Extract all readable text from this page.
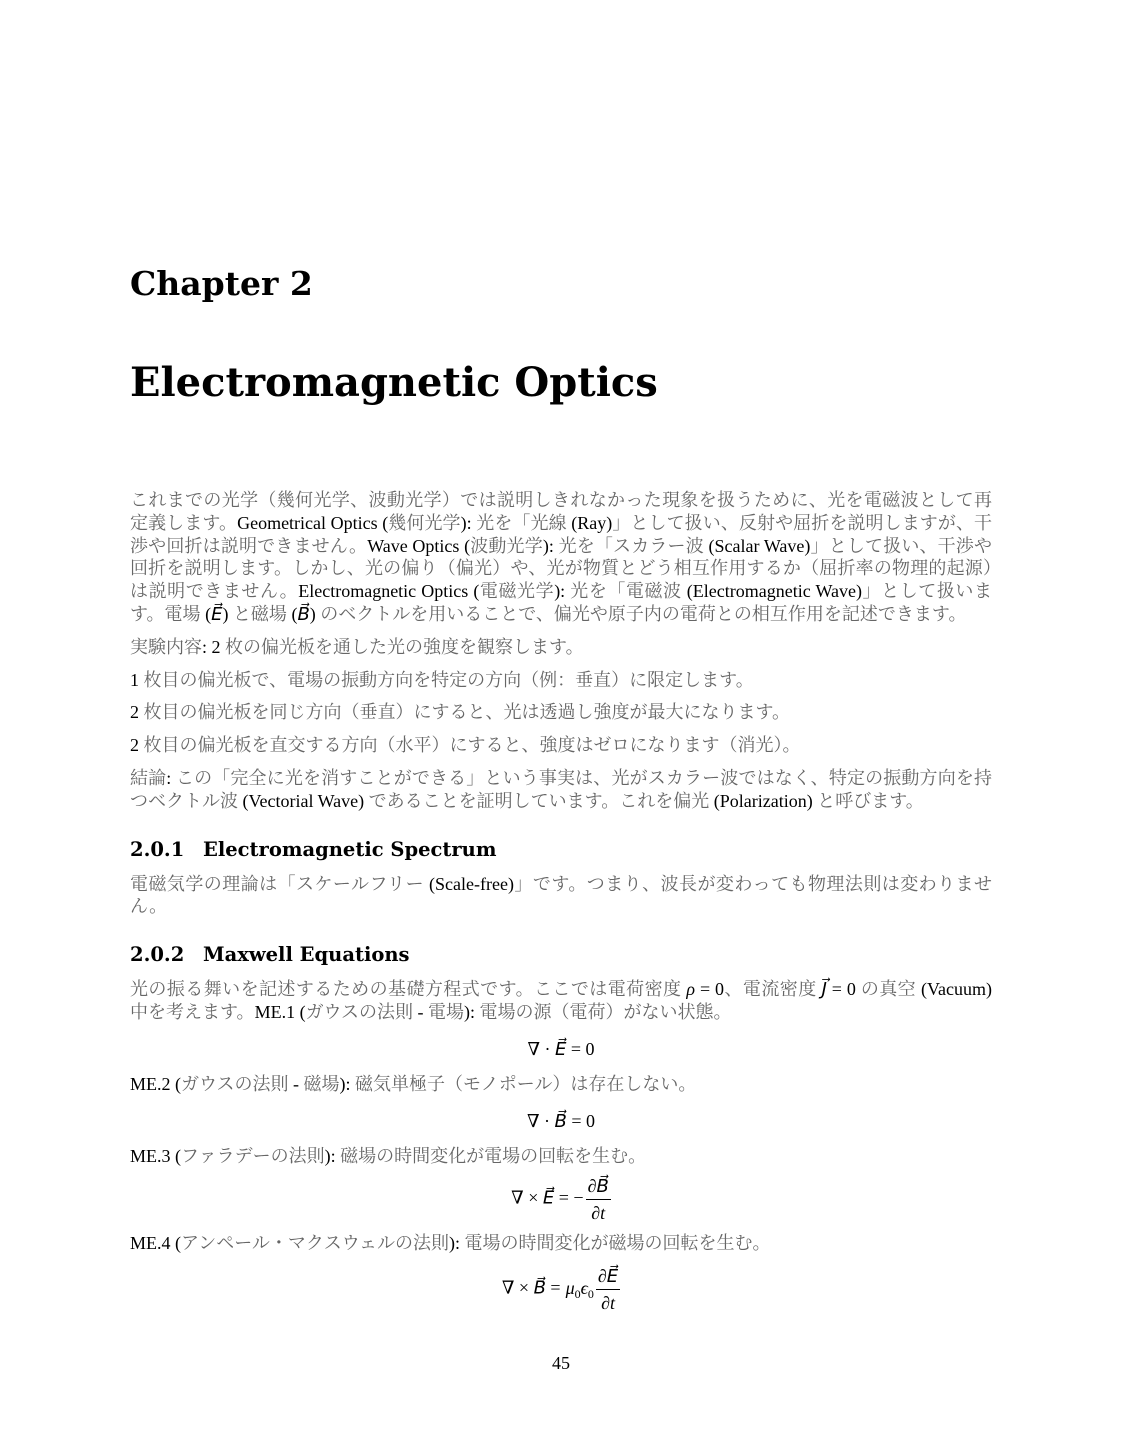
Chapter 2
Electromagnetic Optics

これまでの光学（幾何光学、波動光学）では説明しきれなかった現象を扱うために、光を電磁波として再定義します。Geometrical Optics (幾何光学): 光を「光線 (Ray)」として扱い、反射や屈折を説明しますが、干渉や回折は説明できません。Wave Optics (波動光学): 光を「スカラー波 (Scalar Wave)」として扱い、干渉や回折を説明します。しかし、光の偏り（偏光）や、光が物質とどう相互作用するか（屈折率の物理的起源）は説明できません。Electromagnetic Optics (電磁光学): 光を「電磁波 (Electromagnetic Wave)」として扱います。電場 (E⃗) と磁場 (B⃗) のベクトルを用いることで、偏光や原子内の電荷との相互作用を記述できます。

実験内容: 2 枚の偏光板を通した光の強度を観察します。

1 枚目の偏光板で、電場の振動方向を特定の方向（例：垂直）に限定します。

2 枚目の偏光板を同じ方向（垂直）にすると、光は透過し強度が最大になります。

2 枚目の偏光板を直交する方向（水平）にすると、強度はゼロになります（消光）。

結論: この「完全に光を消すことができる」という事実は、光がスカラー波ではなく、特定の振動方向を持つベクトル波 (Vectorial Wave) であることを証明しています。これを偏光 (Polarization) と呼びます。

2.0.1 Electromagnetic Spectrum

電磁気学の理論は「スケールフリー (Scale-free)」です。つまり、波長が変わっても物理法則は変わりません。

2.0.2 Maxwell Equations

光の振る舞いを記述するための基礎方程式です。ここでは電荷密度 ρ = 0、電流密度 J⃗ = 0 の真空 (Vacuum) 中を考えます。ME.1 (ガウスの法則 - 電場): 電場の源（電荷）がない状態。

∇ · E⃗ = 0

ME.2 (ガウスの法則 - 磁場): 磁気単極子（モノポール）は存在しない。

∇ · B⃗ = 0

ME.3 (ファラデーの法則): 磁場の時間変化が電場の回転を生む。

∇ × E⃗ = − $\frac{\partial B⃗}{\partial t}$

ME.4 (アンペール・マクスウェルの法則): 電場の時間変化が磁場の回転を生む。

∇ × B⃗ = $\mu_0\epsilon_0 \frac{\partial E⃗}{\partial t}$
45
